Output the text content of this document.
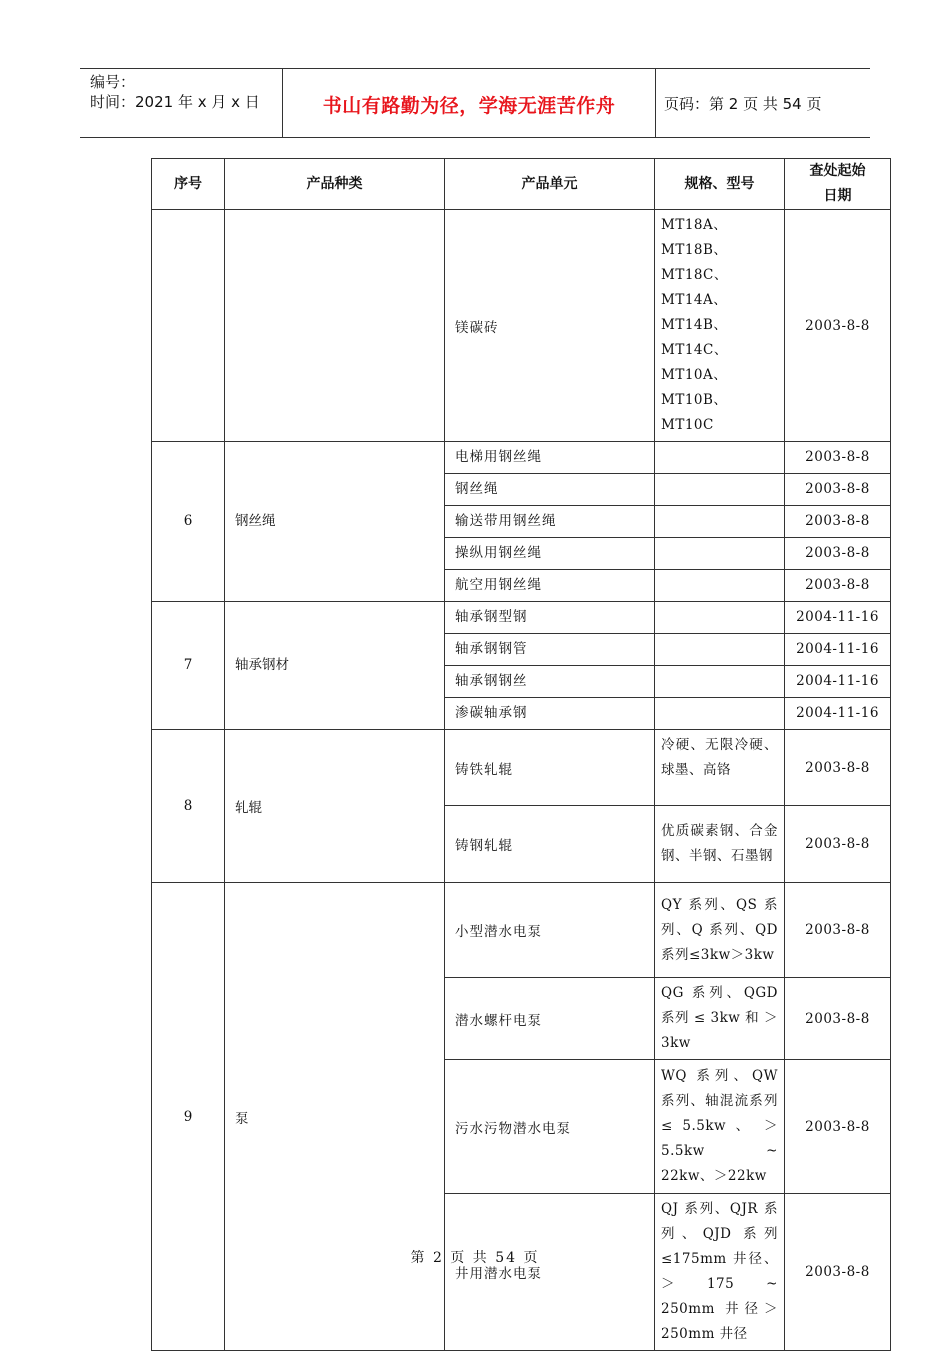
编号：
时间：2021 年 x 月 x 日	书山有路勤为径，学海无涯苦作舟	页码：第 2 页 共 54 页
序号	产品种类	产品单元	规格、型号	查处起始
日期
		镁碳砖	MT18A、MT18B、MT18C、MT14A、MT14B、MT14C、MT10A、MT10B、MT10C	2003-8-8
6	钢丝绳	电梯用钢丝绳		2003-8-8
		钢丝绳		2003-8-8
		输送带用钢丝绳		2003-8-8
		操纵用钢丝绳		2003-8-8
		航空用钢丝绳		2003-8-8
7	轴承钢材	轴承钢型钢		2004-11-16
		轴承钢钢管		2004-11-16
		轴承钢钢丝		2004-11-16
		渗碳轴承钢		2004-11-16
8	轧辊	铸铁轧辊	冷硬、无限冷硬、球墨、高铬	2003-8-8
		铸钢轧辊	优质碳素钢、合金钢、半钢、石墨钢	2003-8-8
9	泵	小型潜水电泵	QY 系列、QS 系列、Q 系列、QD 系列≤3kw＞3kw	2003-8-8
		潜水螺杆电泵	QG 系列、QGD 系列 ≤ 3kw 和 ＞ 3kw	2003-8-8
		污水污物潜水电泵	WQ 系列、QW 系列、轴混流系列 ≤ 5.5kw 、 ＞ 5.5kw ~ 22kw、＞22kw	2003-8-8
		井用潜水电泵	QJ 系列、QJR 系列、QJD 系列 ≤175mm 井径、＞ 175 ~ 250mm 井径＞250mm 井径	2003-8-8
第 2 页 共 54 页
